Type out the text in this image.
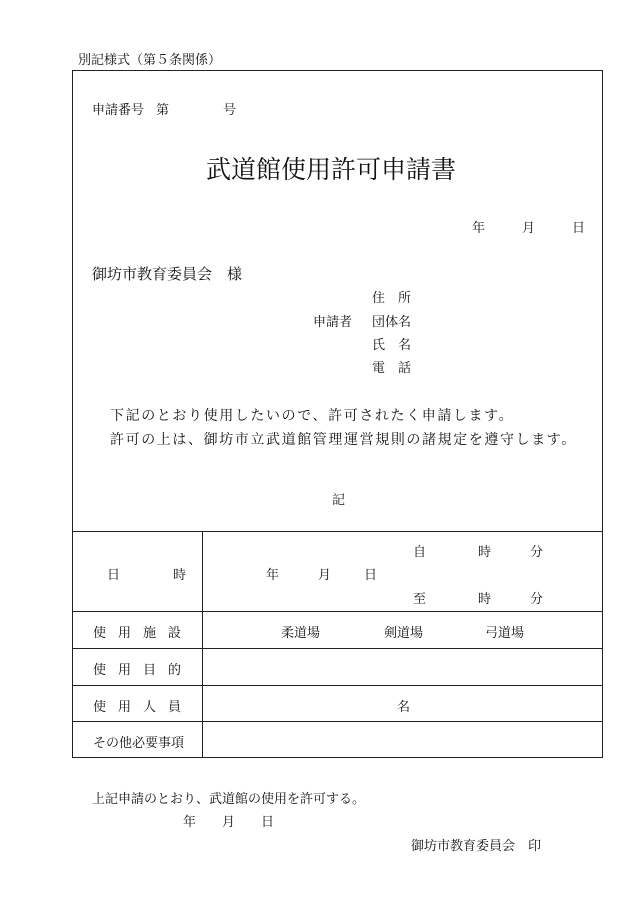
別記様式（第５条関係）
申請番号 第	号
武道館使用許可申請書
年	月	日
御坊市教育委員会　様
住　所
申請者 団体名
氏　名
電　話
下記のとおり使用したいので、許可されたく申請します。
許可の上は、御坊市立武道館管理運営規則の諸規定を遵守します。
記
日　　時
自	時	分
年	月	日
至	時	分
使用施設	柔道場	剣道場	弓道場
使用目的
使用人員	名
その他必要事項
上記申請のとおり、武道館の使用を許可する。
年 月 日
御坊市教育委員会 印
